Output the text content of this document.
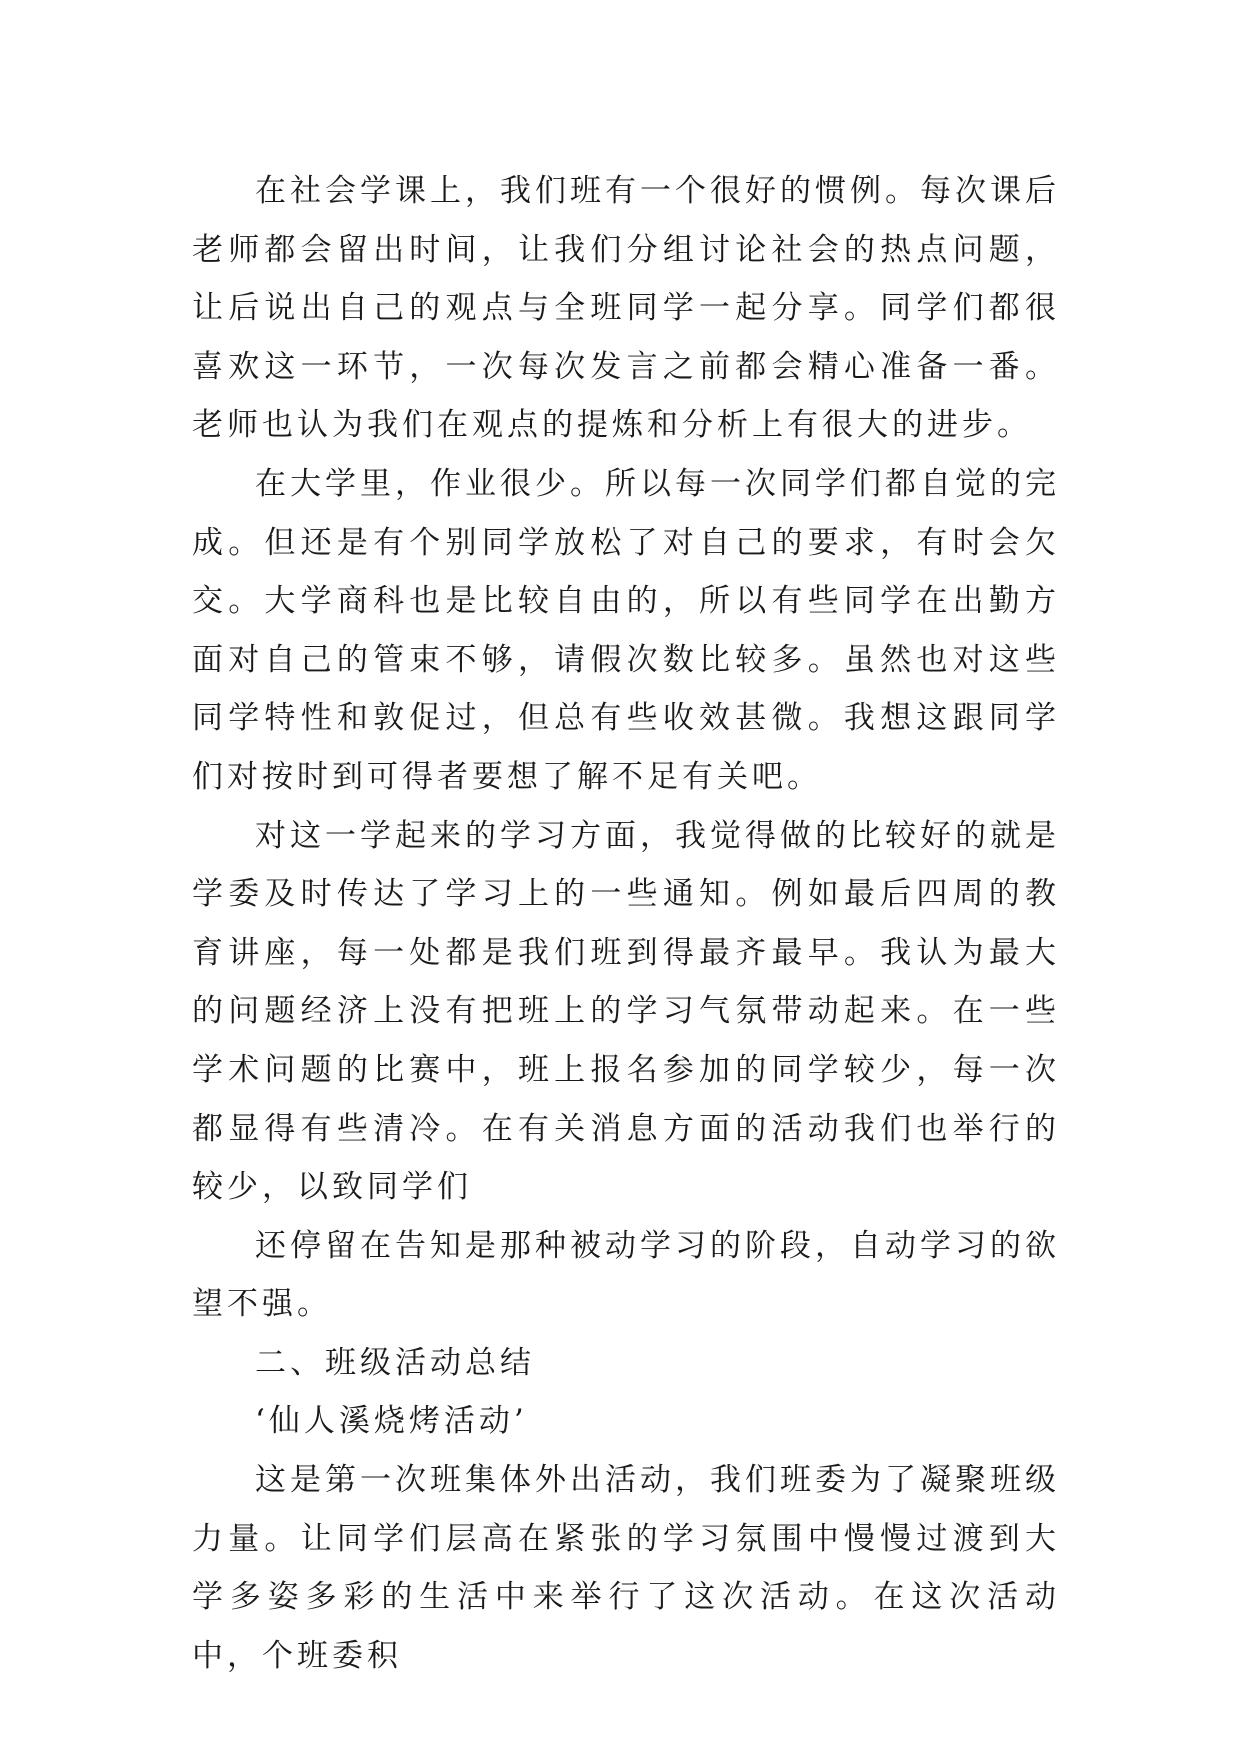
在社会学课上，我们班有一个很好的惯例。每次课后老师都会留出时间，让我们分组讨论社会的热点问题，让后说出自己的观点与全班同学一起分享。同学们都很喜欢这一环节，一次每次发言之前都会精心准备一番。老师也认为我们在观点的提炼和分析上有很大的进步。

在大学里，作业很少。所以每一次同学们都自觉的完成。但还是有个别同学放松了对自己的要求，有时会欠交。大学商科也是比较自由的，所以有些同学在出勤方面对自己的管束不够，请假次数比较多。虽然也对这些同学特性和敦促过，但总有些收效甚微。我想这跟同学们对按时到可得者要想了解不足有关吧。

对这一学起来的学习方面，我觉得做的比较好的就是学委及时传达了学习上的一些通知。例如最后四周的教育讲座，每一处都是我们班到得最齐最早。我认为最大的问题经济上没有把班上的学习气氛带动起来。在一些学术问题的比赛中，班上报名参加的同学较少，每一次都显得有些清冷。在有关消息方面的活动我们也举行的较少，以致同学们

还停留在告知是那种被动学习的阶段，自动学习的欲望不强。

二、班级活动总结

‘仙人溪烧烤活动’

这是第一次班集体外出活动，我们班委为了凝聚班级力量。让同学们层高在紧张的学习氛围中慢慢过渡到大学多姿多彩的生活中来举行了这次活动。在这次活动中，个班委积
